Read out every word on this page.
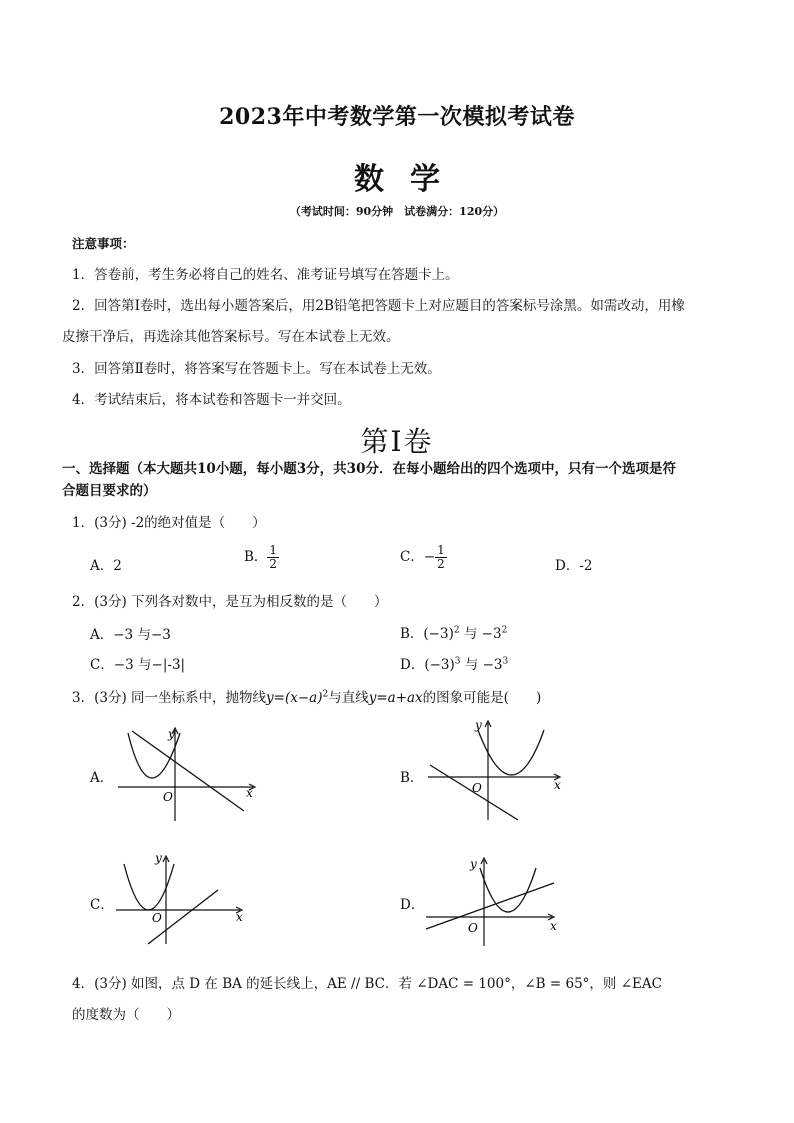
2023年中考数学第一次模拟考试卷
数学
（考试时间：90分钟　试卷满分：120分）
注意事项：
1．答卷前，考生务必将自己的姓名、准考证号填写在答题卡上。
2．回答第Ⅰ卷时，选出每小题答案后，用2B铅笔把答题卡上对应题目的答案标号涂黑。如需改动，用橡
皮擦干净后，再选涂其他答案标号。写在本试卷上无效。
3．回答第Ⅱ卷时，将答案写在答题卡上。写在本试卷上无效。
4．考试结束后，将本试卷和答题卡一并交回。
第Ⅰ卷
一、选择题（本大题共10小题，每小题3分，共30分．在每小题给出的四个选项中，只有一个选项是符
合题目要求的）
1．(3分) -2的绝对值是（　　）
A．2
B． $\frac{1}{2}$	C．− $\frac{1}{2}$	D．-2
2．(3分) 下列各对数中，是互为相反数的是（　　）
A．−3 与−3	B．$(-3)^2$ 与 $-3^2$
C．−3 与−|-3|	D．$(-3)^3$ 与 $-3^3$
3．(3分) 同一坐标系中，抛物线$y=(x-a)^2$与直线y=a+ax的图象可能是(　　)
A．	B．
C．	D．
x
y
O
x
y
O
x
y
O
x
y
O
4．(3分) 如图，点 D 在 BA 的延长线上，AE // BC．若 ∠DAC = 100°，∠B = 65°，则 ∠EAC
的度数为（　　）
